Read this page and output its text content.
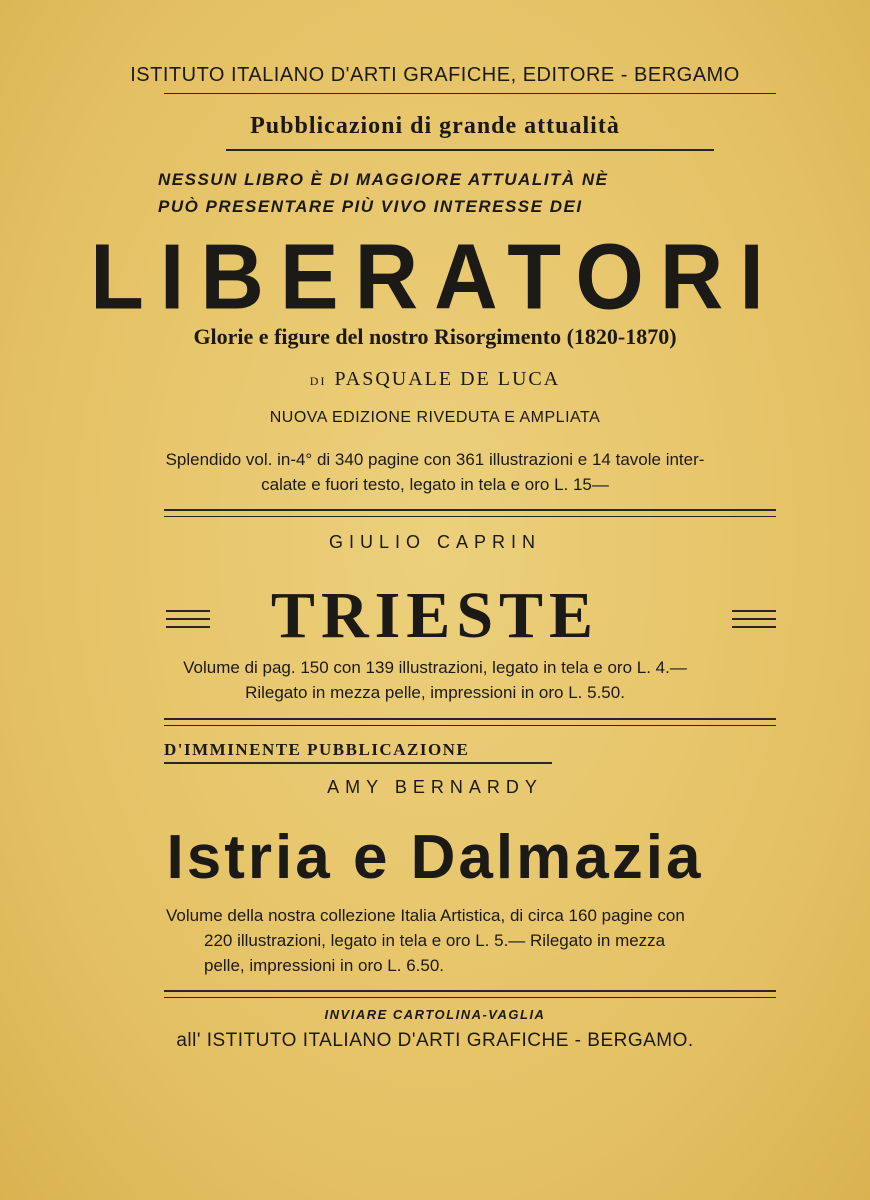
ISTITUTO ITALIANO D'ARTI GRAFICHE, EDITORE - BERGAMO
Pubblicazioni di grande attualità
NESSUN LIBRO È DI MAGGIORE ATTUALITÀ NÈ
PUÒ PRESENTARE PIÙ VIVO INTERESSE DEI
LIBERATORI
Glorie e figure del nostro Risorgimento (1820-1870)
DI PASQUALE DE LUCA
NUOVA EDIZIONE RIVEDUTA E AMPLIATA
Splendido vol. in-4° di 340 pagine con 361 illustrazioni e 14 tavole inter-
calate e fuori testo, legato in tela e oro L. 15—
GIULIO CAPRIN
TRIESTE
Volume di pag. 150 con 139 illustrazioni, legato in tela e oro L. 4.—
Rilegato in mezza pelle, impressioni in oro L. 5.50.
D'IMMINENTE PUBBLICAZIONE
AMY BERNARDY
Istria e Dalmazia
Volume della nostra collezione Italia Artistica, di circa 160 pagine con
220 illustrazioni, legato in tela e oro L. 5.— Rilegato in mezza
pelle, impressioni in oro L. 6.50.
INVIARE CARTOLINA-VAGLIA
all' ISTITUTO ITALIANO D'ARTI GRAFICHE - BERGAMO.
